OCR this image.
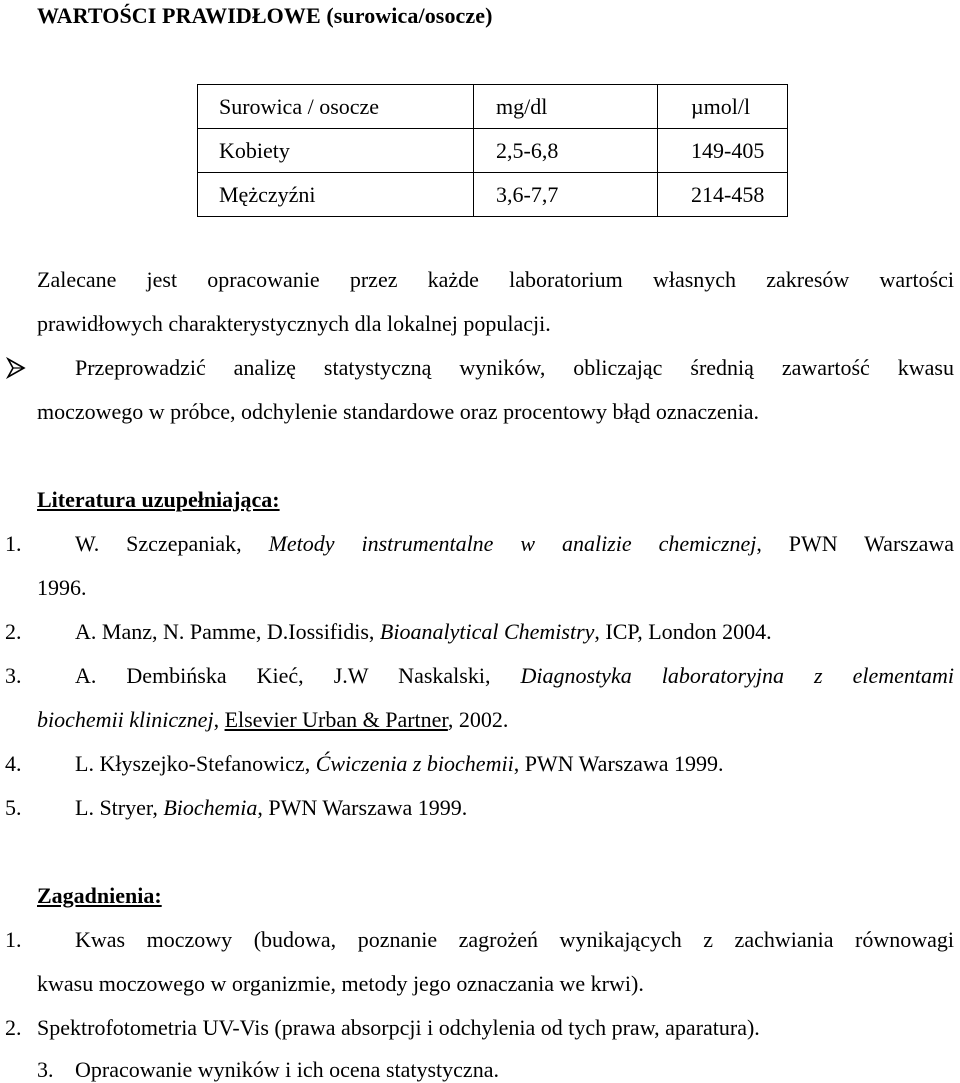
WARTOŚCI PRAWIDŁOWE (surowica/osocze)
Surowica / osocze	mg/dl	µmol/l
Kobiety	2,5-6,8	149-405
Mężczyźni	3,6-7,7	214-458
Zalecane jest opracowanie przez każde laboratorium własnych zakresów wartości
prawidłowych charakterystycznych dla lokalnej populacji.
Przeprowadzić analizę statystyczną wyników, obliczając średnią zawartość kwasu
moczowego w próbce, odchylenie standardowe oraz procentowy błąd oznaczenia.
Literatura uzupełniająca:
1. W. Szczepaniak, Metody instrumentalne w analizie chemicznej, PWN Warszawa
1996.
2. A. Manz, N. Pamme, D.Iossifidis, Bioanalytical Chemistry, ICP, London 2004.
3. A. Dembińska Kieć, J.W Naskalski, Diagnostyka laboratoryjna z elementami
biochemii klinicznej, Elsevier Urban & Partner, 2002.
4. L. Kłyszejko-Stefanowicz, Ćwiczenia z biochemii, PWN Warszawa 1999.
5. L. Stryer, Biochemia, PWN Warszawa 1999.
Zagadnienia:
1. Kwas moczowy (budowa, poznanie zagrożeń wynikających z zachwiania równowagi
kwasu moczowego w organizmie, metody jego oznaczania we krwi).
2. Spektrofotometria UV-Vis (prawa absorpcji i odchylenia od tych praw, aparatura).
3. Opracowanie wyników i ich ocena statystyczna.
